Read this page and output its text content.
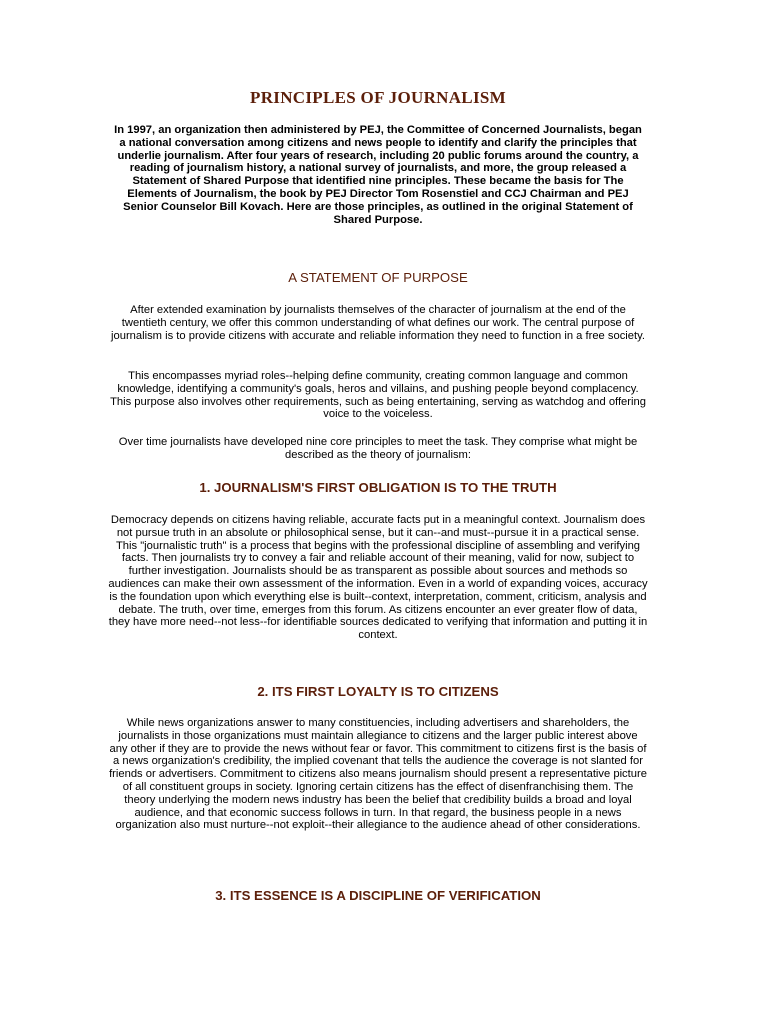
PRINCIPLES OF JOURNALISM

In 1997, an organization then administered by PEJ, the Committee of Concerned Journalists, began a national conversation among citizens and news people to identify and clarify the principles that underlie journalism. After four years of research, including 20 public forums around the country, a reading of journalism history, a national survey of journalists, and more, the group released a Statement of Shared Purpose that identified nine principles. These became the basis for The Elements of Journalism, the book by PEJ Director Tom Rosenstiel and CCJ Chairman and PEJ Senior Counselor Bill Kovach. Here are those principles, as outlined in the original Statement of Shared Purpose.

A STATEMENT OF PURPOSE

After extended examination by journalists themselves of the character of journalism at the end of the twentieth century, we offer this common understanding of what defines our work. The central purpose of journalism is to provide citizens with accurate and reliable information they need to function in a free society.

This encompasses myriad roles--helping define community, creating common language and common knowledge, identifying a community's goals, heros and villains, and pushing people beyond complacency. This purpose also involves other requirements, such as being entertaining, serving as watchdog and offering voice to the voiceless.

Over time journalists have developed nine core principles to meet the task. They comprise what might be described as the theory of journalism:

1. JOURNALISM'S FIRST OBLIGATION IS TO THE TRUTH

Democracy depends on citizens having reliable, accurate facts put in a meaningful context. Journalism does not pursue truth in an absolute or philosophical sense, but it can--and must--pursue it in a practical sense. This "journalistic truth" is a process that begins with the professional discipline of assembling and verifying facts. Then journalists try to convey a fair and reliable account of their meaning, valid for now, subject to further investigation. Journalists should be as transparent as possible about sources and methods so audiences can make their own assessment of the information. Even in a world of expanding voices, accuracy is the foundation upon which everything else is built--context, interpretation, comment, criticism, analysis and debate. The truth, over time, emerges from this forum. As citizens encounter an ever greater flow of data, they have more need--not less--for identifiable sources dedicated to verifying that information and putting it in context.

2. ITS FIRST LOYALTY IS TO CITIZENS

While news organizations answer to many constituencies, including advertisers and shareholders, the journalists in those organizations must maintain allegiance to citizens and the larger public interest above any other if they are to provide the news without fear or favor. This commitment to citizens first is the basis of a news organization's credibility, the implied covenant that tells the audience the coverage is not slanted for friends or advertisers. Commitment to citizens also means journalism should present a representative picture of all constituent groups in society. Ignoring certain citizens has the effect of disenfranchising them. The theory underlying the modern news industry has been the belief that credibility builds a broad and loyal audience, and that economic success follows in turn. In that regard, the business people in a news organization also must nurture--not exploit--their allegiance to the audience ahead of other considerations.

3. ITS ESSENCE IS A DISCIPLINE OF VERIFICATION
